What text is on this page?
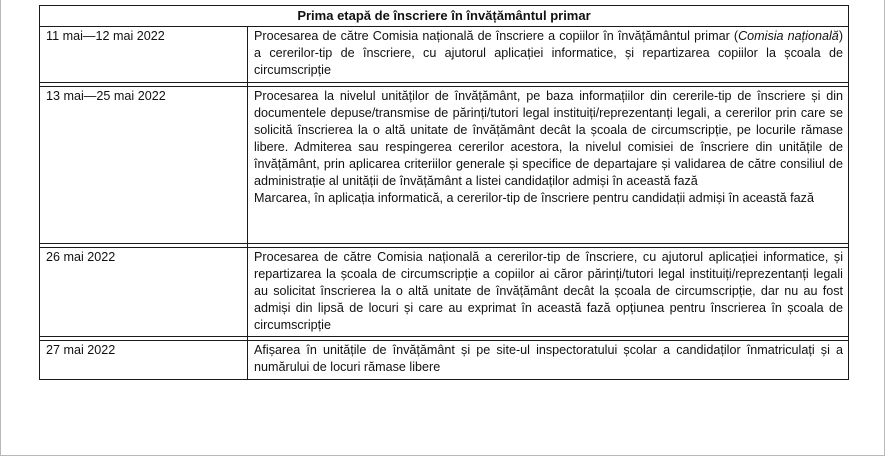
Prima etapă de înscriere în învățământul primar	
11 mai—12 mai 2022	Procesarea de către Comisia națională de înscriere a copiilor în învățământul primar (Comisia națională) a cererilor-tip de înscriere, cu ajutorul aplicației informatice, și repartizarea copiilor la școala de circumscripție

13 mai—25 mai 2022	Procesarea la nivelul unităților de învățământ, pe baza informațiilor din cererile-tip de înscriere și din documentele depuse/transmise de părinți/tutori legal instituiți/reprezentanți legali, a cererilor prin care se solicită înscrierea la o altă unitate de învățământ decât la școala de circumscripție, pe locurile rămase libere. Admiterea sau respingerea cererilor acestora, la nivelul comisiei de înscriere din unitățile de învățământ, prin aplicarea criteriilor generale și specifice de departajare și validarea de către consiliul de administrație al unității de învățământ a listei candidaților admiși în această fază
Marcarea, în aplicația informatică, a cererilor-tip de înscriere pentru candidații admiși în această fază

26 mai 2022	Procesarea de către Comisia națională a cererilor-tip de înscriere, cu ajutorul aplicației informatice, și repartizarea la școala de circumscripție a copiilor ai căror părinți/tutori legal instituiți/reprezentanți legali au solicitat înscrierea la o altă unitate de învățământ decât la școala de circumscripție, dar nu au fost admiși din lipsă de locuri și care au exprimat în această fază opțiunea pentru înscrierea în școala de circumscripție

27 mai 2022	Afișarea în unitățile de învățământ și pe site-ul inspectoratului școlar a candidaților înmatriculați și a numărului de locuri rămase libere
